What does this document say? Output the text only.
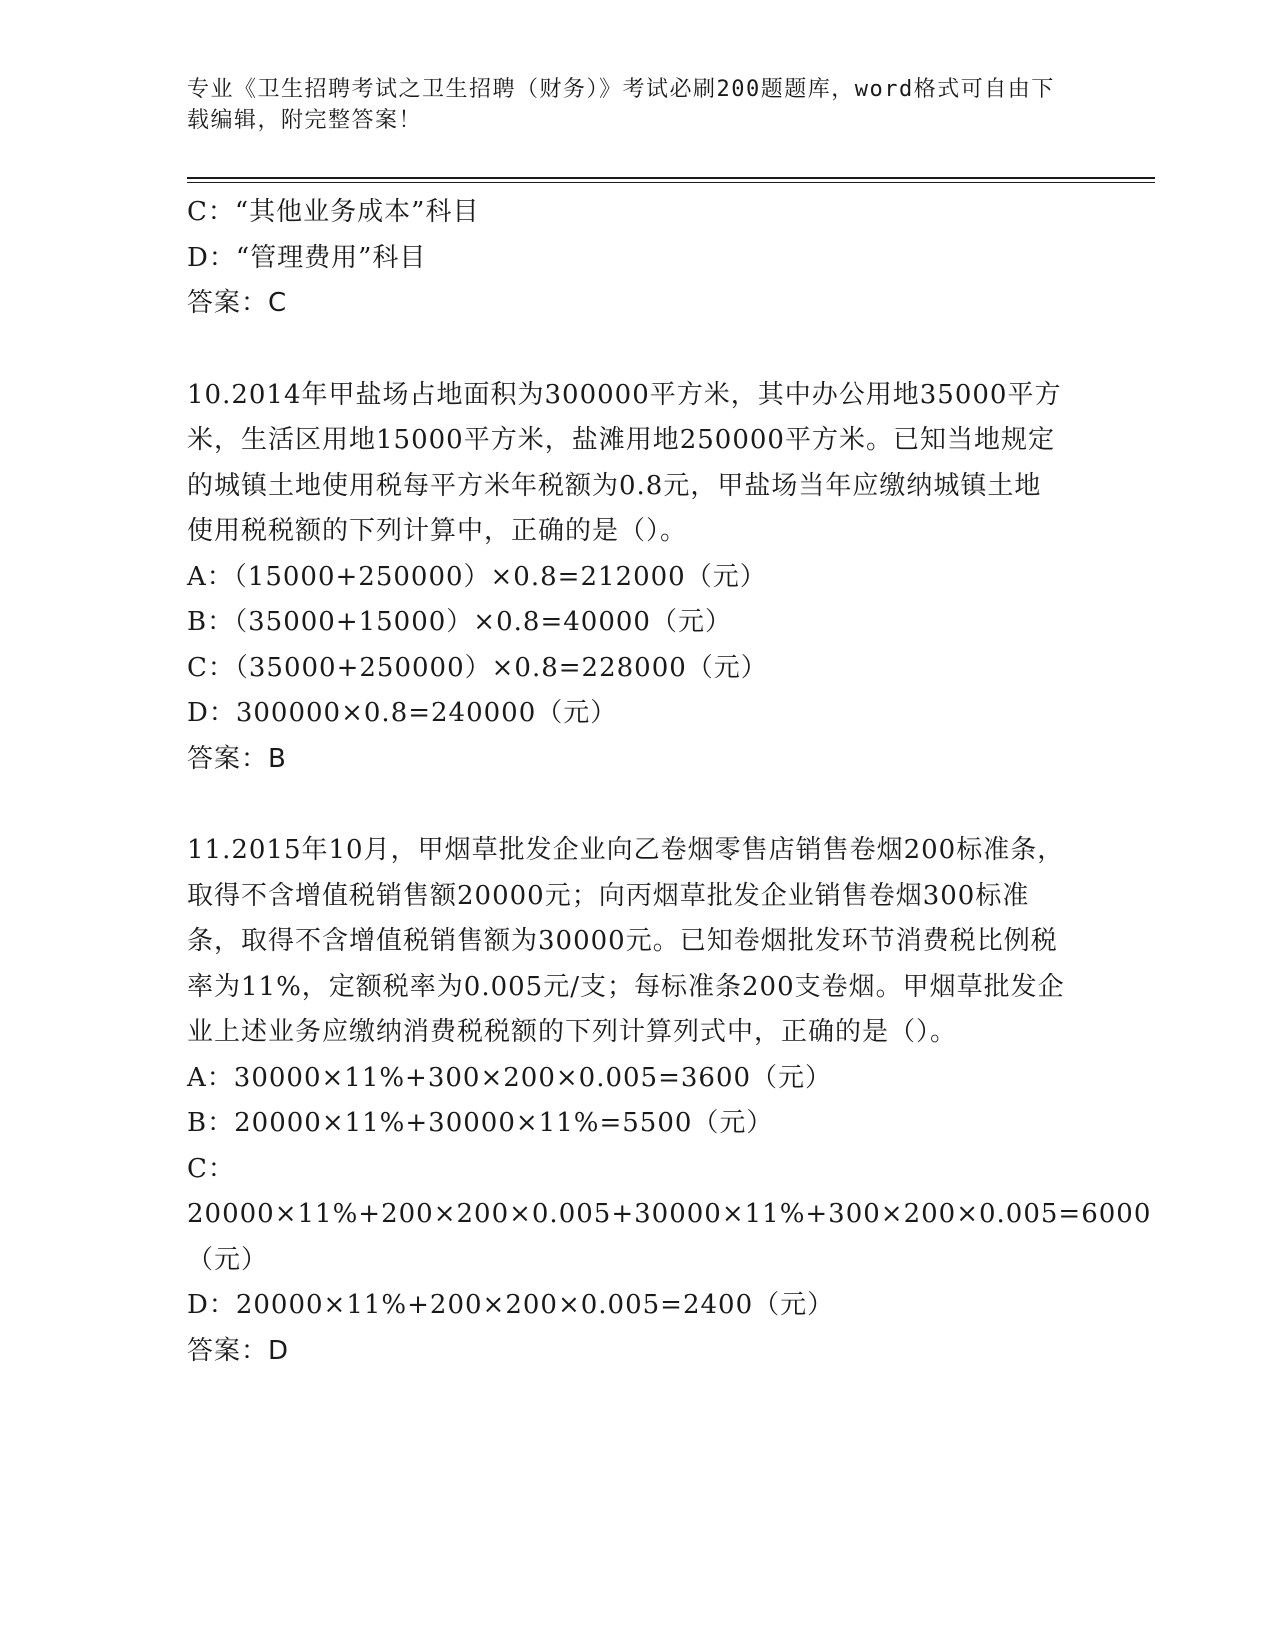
专业《卫生招聘考试之卫生招聘（财务）》考试必刷200题题库，word格式可自由下载编辑，附完整答案！
C：“其他业务成本”科目
D：“管理费用”科目
答案：C
10.2014年甲盐场占地面积为300000平方米，其中办公用地35000平方米，生活区用地15000平方米，盐滩用地250000平方米。已知当地规定的城镇土地使用税每平方米年税额为0.8元，甲盐场当年应缴纳城镇土地使用税税额的下列计算中，正确的是（）。
A：（15000+250000）×0.8=212000（元）
B：（35000+15000）×0.8=40000（元）
C：（35000+250000）×0.8=228000（元）
D：300000×0.8=240000（元）
答案：B
11.2015年10月，甲烟草批发企业向乙卷烟零售店销售卷烟200标准条，取得不含增值税销售额20000元；向丙烟草批发企业销售卷烟300标准条，取得不含增值税销售额为30000元。已知卷烟批发环节消费税比例税率为11%，定额税率为0.005元/支；每标准条200支卷烟。甲烟草批发企业上述业务应缴纳消费税税额的下列计算列式中，正确的是（）。
A：30000×11%+300×200×0.005=3600（元）
B：20000×11%+30000×11%=5500（元）
C：20000×11%+200×200×0.005+30000×11%+300×200×0.005=6000（元）
D：20000×11%+200×200×0.005=2400（元）
答案：D
